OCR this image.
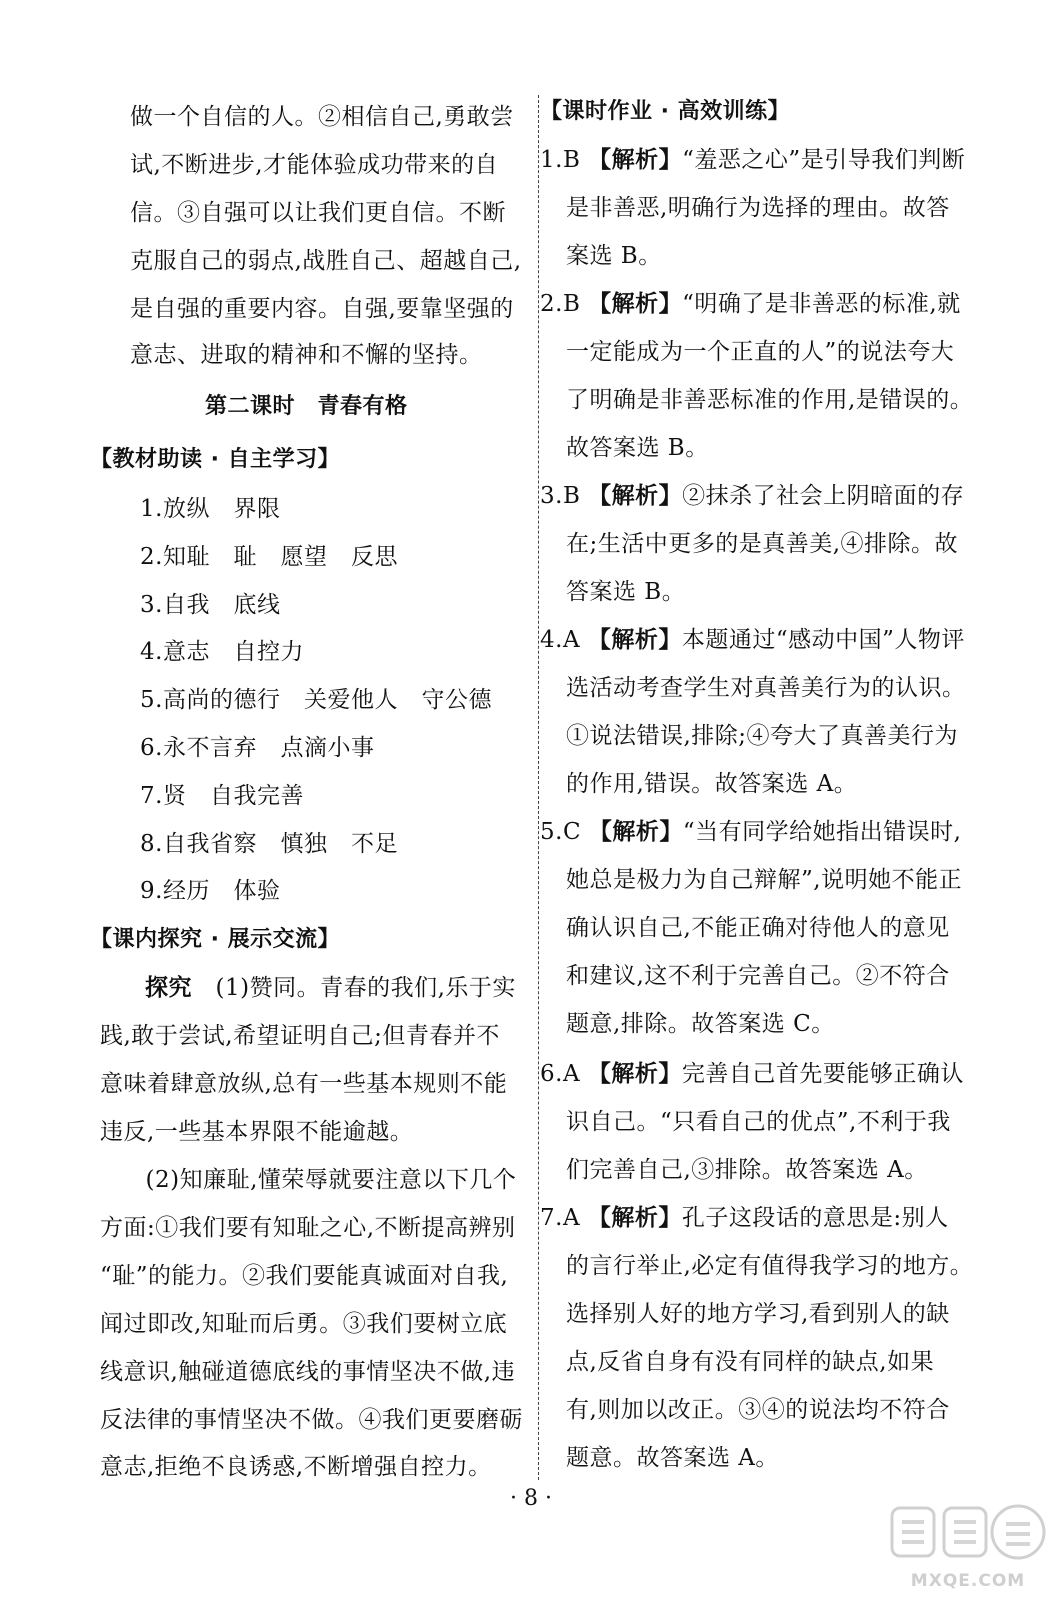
做一个自信的人。②相信自己,勇敢尝
试,不断进步,才能体验成功带来的自
信。③自强可以让我们更自信。不断
克服自己的弱点,战胜自己、超越自己,
是自强的重要内容。自强,要靠坚强的
意志、进取的精神和不懈的坚持。
第二课时　青春有格
【教材助读 · 自主学习】
1.放纵　界限
2.知耻　耻　愿望　反思
3.自我　底线
4.意志　自控力
5.高尚的德行　关爱他人　守公德
6.永不言弃　点滴小事
7.贤　自我完善
8.自我省察　慎独　不足
9.经历　体验
【课内探究 · 展示交流】
探究　(1)赞同。青春的我们,乐于实
践,敢于尝试,希望证明自己;但青春并不
意味着肆意放纵,总有一些基本规则不能
违反,一些基本界限不能逾越。
　(2)知廉耻,懂荣辱就要注意以下几个
方面:①我们要有知耻之心,不断提高辨别
“耻”的能力。②我们要能真诚面对自我,
闻过即改,知耻而后勇。③我们要树立底
线意识,触碰道德底线的事情坚决不做,违
反法律的事情坚决不做。④我们更要磨砺
意志,拒绝不良诱惑,不断增强自控力。
【课时作业 · 高效训练】
1.B 【解析】“羞恶之心”是引导我们判断
是非善恶,明确行为选择的理由。故答
案选 B。
2.B 【解析】“明确了是非善恶的标准,就
一定能成为一个正直的人”的说法夸大
了明确是非善恶标准的作用,是错误的。
故答案选 B。
3.B 【解析】②抹杀了社会上阴暗面的存
在;生活中更多的是真善美,④排除。故
答案选 B。
4.A 【解析】本题通过“感动中国”人物评
选活动考查学生对真善美行为的认识。
①说法错误,排除;④夸大了真善美行为
的作用,错误。故答案选 A。
5.C 【解析】“当有同学给她指出错误时,
她总是极力为自己辩解”,说明她不能正
确认识自己,不能正确对待他人的意见
和建议,这不利于完善自己。②不符合
题意,排除。故答案选 C。
6.A 【解析】完善自己首先要能够正确认
识自己。“只看自己的优点”,不利于我
们完善自己,③排除。故答案选 A。
7.A 【解析】孔子这段话的意思是:别人
的言行举止,必定有值得我学习的地方。
选择别人好的地方学习,看到别人的缺
点,反省自身有没有同样的缺点,如果
有,则加以改正。③④的说法均不符合
题意。故答案选 A。
· 8 ·
MXQE.COM
